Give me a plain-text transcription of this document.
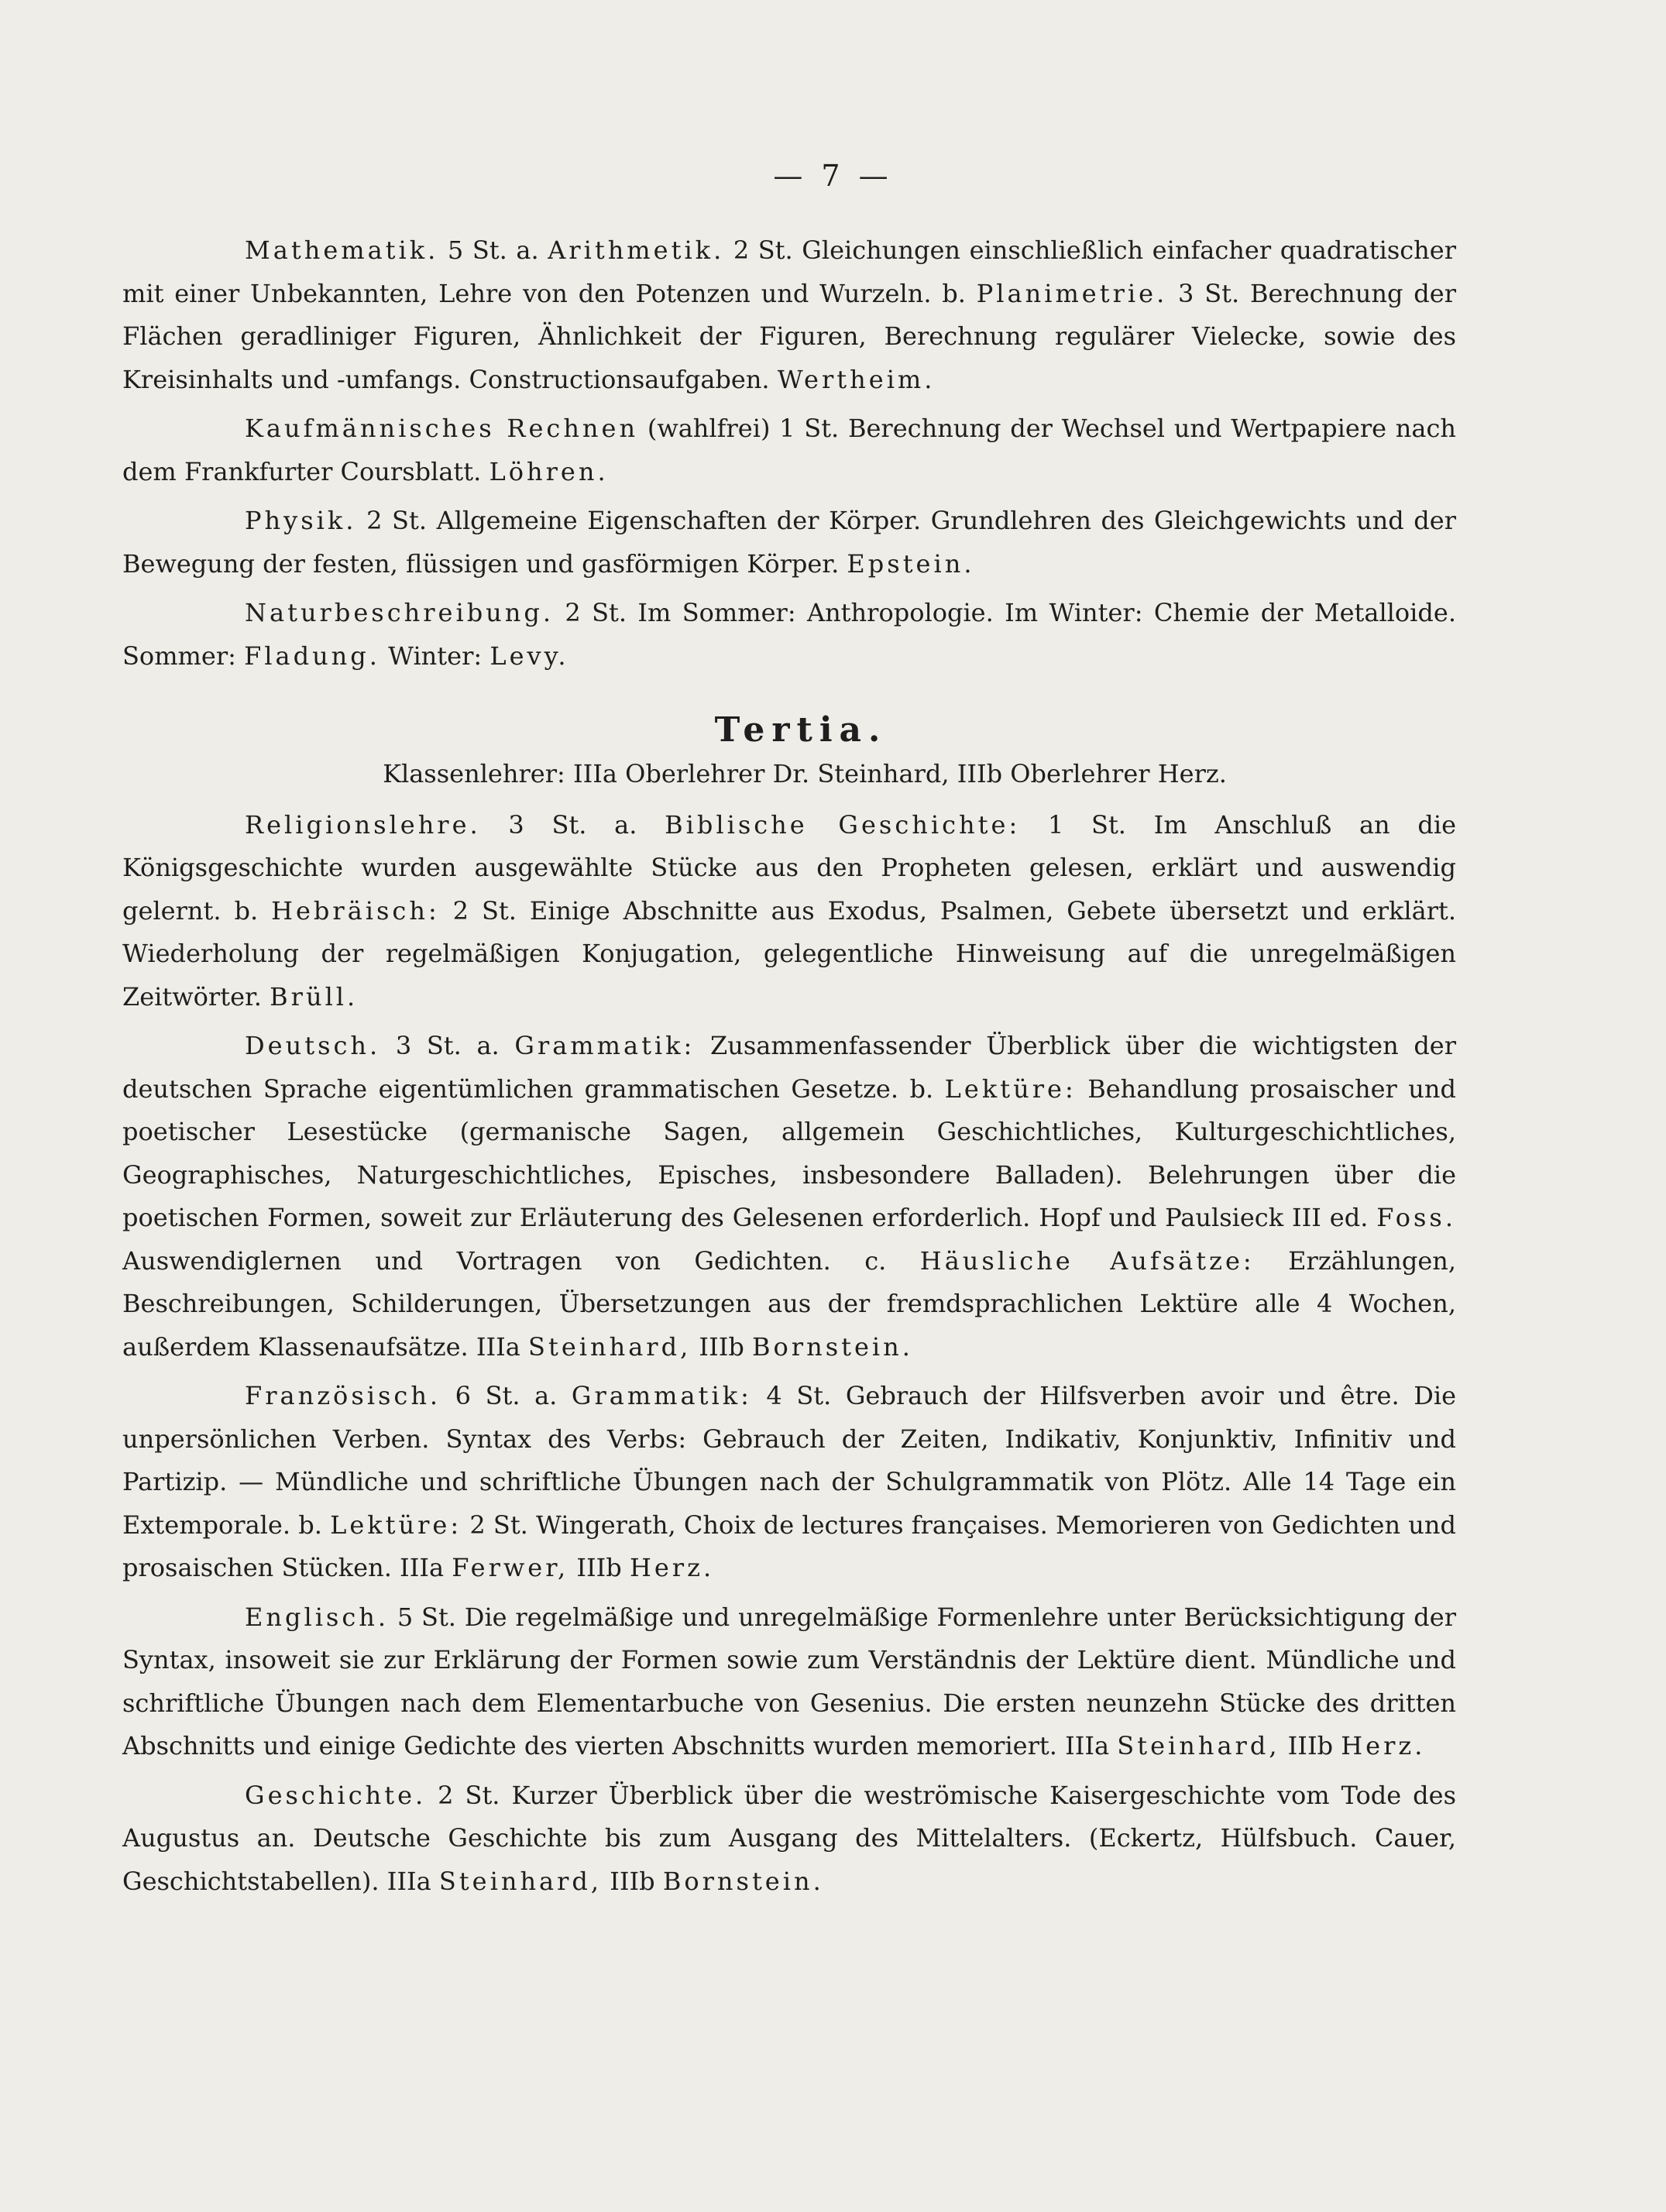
— 7 —

Mathematik. 5 St. a. Arithmetik. 2 St. Gleichungen einschließlich einfacher quadratischer mit einer Unbekannten, Lehre von den Potenzen und Wurzeln. b. Planimetrie. 3 St. Berechnung der Flächen geradliniger Figuren, Ähnlichkeit der Figuren, Berechnung regulärer Vielecke, sowie des Kreisinhalts und -umfangs. Constructionsaufgaben. Wertheim.

Kaufmännisches Rechnen (wahlfrei) 1 St. Berechnung der Wechsel und Wertpapiere nach dem Frankfurter Coursblatt. Löhren.

Physik. 2 St. Allgemeine Eigenschaften der Körper. Grundlehren des Gleichgewichts und der Bewegung der festen, flüssigen und gasförmigen Körper. Epstein.

Naturbeschreibung. 2 St. Im Sommer: Anthropologie. Im Winter: Chemie der Metalloide. Sommer: Fladung. Winter: Levy.

Tertia.
Klassenlehrer: IIIa Oberlehrer Dr. Steinhard, IIIb Oberlehrer Herz.

Religionslehre. 3 St. a. Biblische Geschichte: 1 St. Im Anschluß an die Königsgeschichte wurden ausgewählte Stücke aus den Propheten gelesen, erklärt und auswendig gelernt. b. Hebräisch: 2 St. Einige Abschnitte aus Exodus, Psalmen, Gebete übersetzt und erklärt. Wiederholung der regelmäßigen Konjugation, gelegentliche Hinweisung auf die unregelmäßigen Zeitwörter. Brüll.

Deutsch. 3 St. a. Grammatik: Zusammenfassender Überblick über die wichtigsten der deutschen Sprache eigentümlichen grammatischen Gesetze. b. Lektüre: Behandlung prosaischer und poetischer Lesestücke (germanische Sagen, allgemein Geschichtliches, Kulturgeschichtliches, Geographisches, Naturgeschichtliches, Episches, insbesondere Balladen). Belehrungen über die poetischen Formen, soweit zur Erläuterung des Gelesenen erforderlich. Hopf und Paulsieck III ed. Foss. Auswendiglernen und Vortragen von Gedichten. c. Häusliche Aufsätze: Erzählungen, Beschreibungen, Schilderungen, Übersetzungen aus der fremdsprachlichen Lektüre alle 4 Wochen, außerdem Klassenaufsätze. IIIa Steinhard, IIIb Bornstein.

Französisch. 6 St. a. Grammatik: 4 St. Gebrauch der Hilfsverben avoir und être. Die unpersönlichen Verben. Syntax des Verbs: Gebrauch der Zeiten, Indikativ, Konjunktiv, Infinitiv und Partizip. — Mündliche und schriftliche Übungen nach der Schulgrammatik von Plötz. Alle 14 Tage ein Extemporale. b. Lektüre: 2 St. Wingerath, Choix de lectures françaises. Memorieren von Gedichten und prosaischen Stücken. IIIa Ferwer, IIIb Herz.

Englisch. 5 St. Die regelmäßige und unregelmäßige Formenlehre unter Berücksichtigung der Syntax, insoweit sie zur Erklärung der Formen sowie zum Verständnis der Lektüre dient. Mündliche und schriftliche Übungen nach dem Elementarbuche von Gesenius. Die ersten neunzehn Stücke des dritten Abschnitts und einige Gedichte des vierten Abschnitts wurden memoriert. IIIa Steinhard, IIIb Herz.

Geschichte. 2 St. Kurzer Überblick über die weströmische Kaisergeschichte vom Tode des Augustus an. Deutsche Geschichte bis zum Ausgang des Mittelalters. (Eckertz, Hülfsbuch. Cauer, Geschichtstabellen). IIIa Steinhard, IIIb Bornstein.
